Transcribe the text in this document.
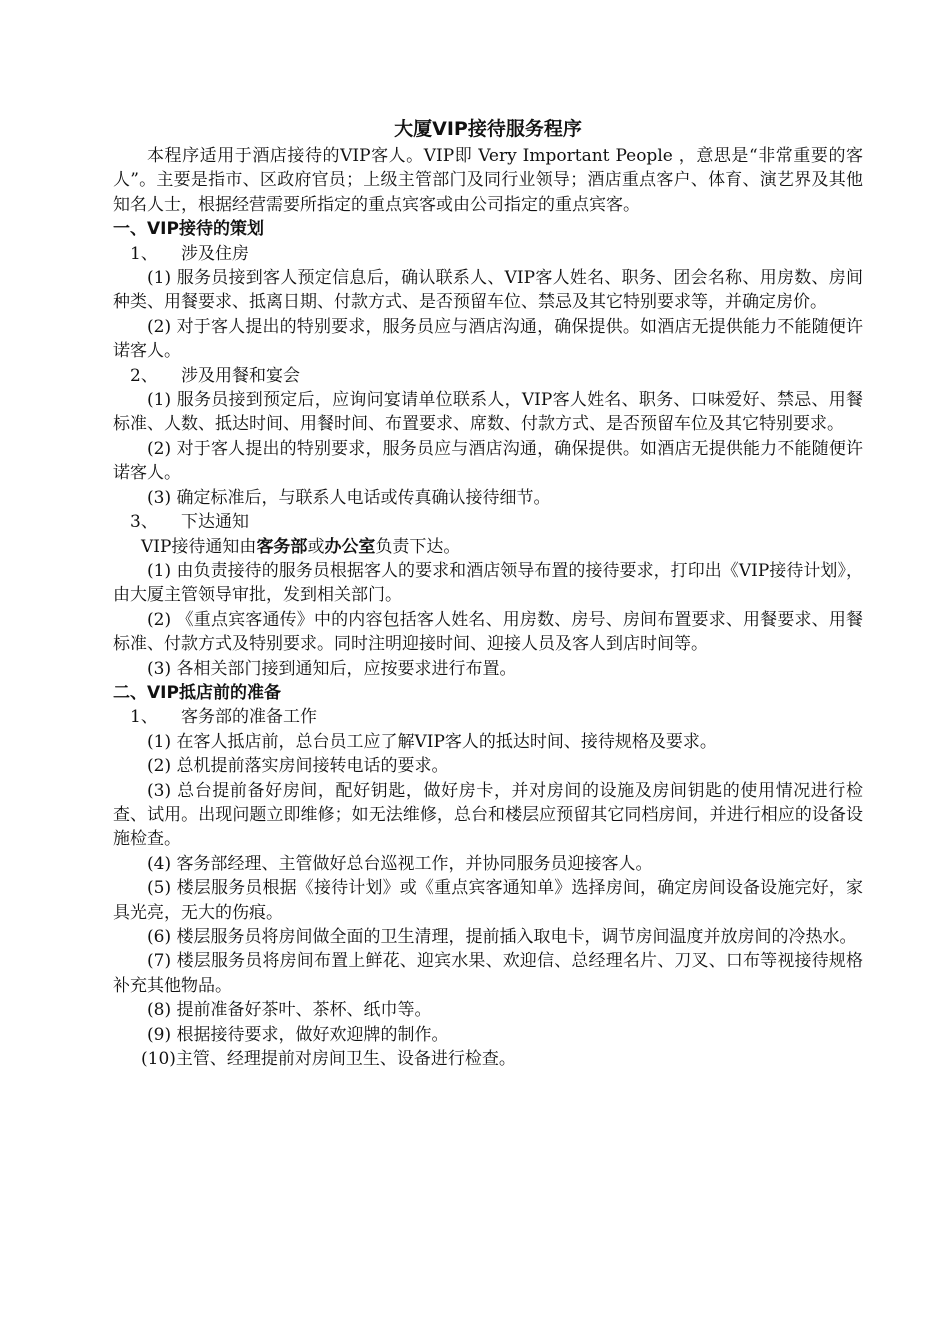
大厦VIP接待服务程序

本程序适用于酒店接待的VIP客人。VIP即 Very Important People ，意思是“非常重要的客人”。主要是指市、区政府官员；上级主管部门及同行业领导；酒店重点客户、体育、演艺界及其他知名人士，根据经营需要所指定的重点宾客或由公司指定的重点宾客。

一、VIP接待的策划

1、 涉及住房

(1) 服务员接到客人预定信息后，确认联系人、VIP客人姓名、职务、团会名称、用房数、房间种类、用餐要求、抵离日期、付款方式、是否预留车位、禁忌及其它特别要求等，并确定房价。

(2) 对于客人提出的特别要求，服务员应与酒店沟通，确保提供。如酒店无提供能力不能随便许诺客人。

2、 涉及用餐和宴会

(1) 服务员接到预定后，应询问宴请单位联系人，VIP客人姓名、职务、口味爱好、禁忌、用餐标准、人数、抵达时间、用餐时间、布置要求、席数、付款方式、是否预留车位及其它特别要求。

(2) 对于客人提出的特别要求，服务员应与酒店沟通，确保提供。如酒店无提供能力不能随便许诺客人。

(3) 确定标准后，与联系人电话或传真确认接待细节。

3、 下达通知

VIP接待通知由客务部或办公室负责下达。

(1) 由负责接待的服务员根据客人的要求和酒店领导布置的接待要求，打印出《VIP接待计划》，由大厦主管领导审批，发到相关部门。

(2) 《重点宾客通传》中的内容包括客人姓名、用房数、房号、房间布置要求、用餐要求、用餐标准、付款方式及特别要求。同时注明迎接时间、迎接人员及客人到店时间等。

(3) 各相关部门接到通知后，应按要求进行布置。

二、VIP抵店前的准备

1、 客务部的准备工作

(1) 在客人抵店前，总台员工应了解VIP客人的抵达时间、接待规格及要求。

(2) 总机提前落实房间接转电话的要求。

(3) 总台提前备好房间，配好钥匙，做好房卡，并对房间的设施及房间钥匙的使用情况进行检查、试用。出现问题立即维修；如无法维修，总台和楼层应预留其它同档房间，并进行相应的设备设施检查。

(4) 客务部经理、主管做好总台巡视工作，并协同服务员迎接客人。

(5) 楼层服务员根据《接待计划》或《重点宾客通知单》选择房间，确定房间设备设施完好，家具光亮，无大的伤痕。

(6) 楼层服务员将房间做全面的卫生清理，提前插入取电卡，调节房间温度并放房间的冷热水。

(7) 楼层服务员将房间布置上鲜花、迎宾水果、欢迎信、总经理名片、刀叉、口布等视接待规格补充其他物品。

(8) 提前准备好茶叶、茶杯、纸巾等。

(9) 根据接待要求，做好欢迎牌的制作。

(10)主管、经理提前对房间卫生、设备进行检查。
